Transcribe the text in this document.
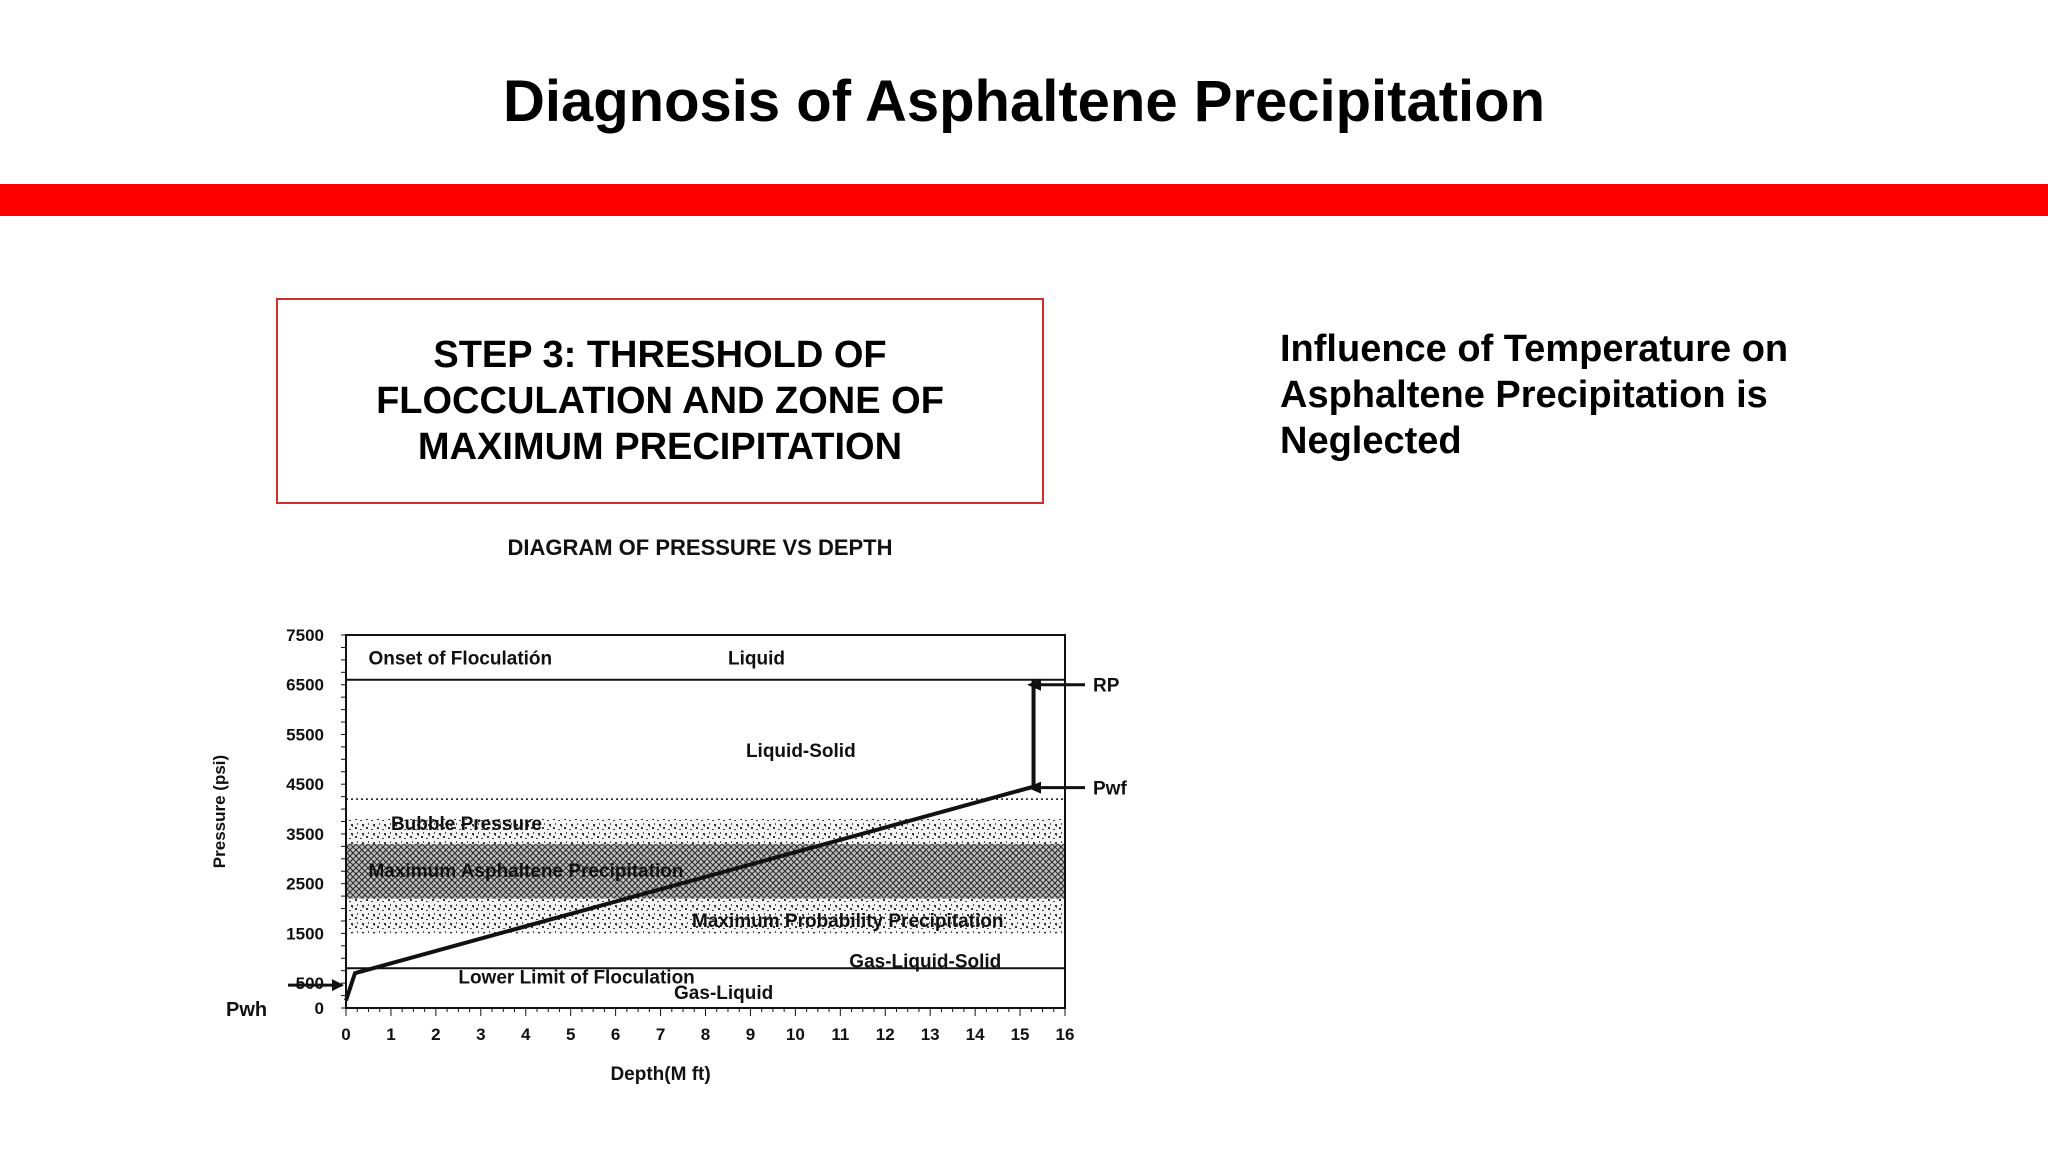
Diagnosis of Asphaltene Precipitation
STEP 3: THRESHOLD OF FLOCCULATION AND ZONE OF MAXIMUM PRECIPITATION
Influence of Temperature on Asphaltene Precipitation is Neglected
DIAGRAM OF PRESSURE VS DEPTH
Pressure (psi)
Depth(M ft)
0
500
1500
2500
3500
4500
5500
6500
7500
0 1 2 3 4 5 6 7 8 9 10 11 12 13 14 15 16
Onset of Floculatión	Liquid
Liquid-Solid
Bubble Pressure
Maximum Asphaltene Precipitation
Maximum Probability Precipitation
Gas-Liquid-Solid
Lower Limit of Floculation
Gas-Liquid
RP
Pwf
Pwh
